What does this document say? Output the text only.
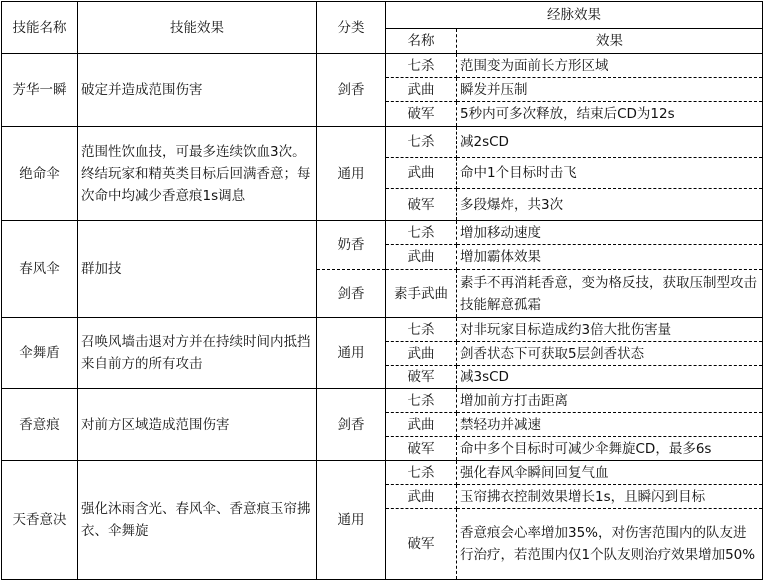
技能名称	技能效果	分类	经脉效果	
			名称	效果
芳华一瞬	破定并造成范围伤害	剑香	七杀	范围变为面前长方形区域
			武曲	瞬发并压制
			破军	5秒内可多次释放，结束后CD为12s
绝命伞	范围性饮血技，可最多连续饮血3次。终结玩家和精英类目标后回满香意；每次命中均减少香意痕1s调息	通用	七杀	减2sCD
			武曲	命中1个目标时击飞
			破军	多段爆炸，共3次
春风伞	群加技	奶香	七杀	增加移动速度
			武曲	增加霸体效果
		剑香	素手武曲	素手不再消耗香意，变为格反技，获取压制型攻击技能解意孤霜
伞舞盾	召唤风墙击退对方并在持续时间内抵挡来自前方的所有攻击	通用	七杀	对非玩家目标造成约3倍大批伤害量
			武曲	剑香状态下可获取5层剑香状态
			破军	减3sCD
香意痕	对前方区域造成范围伤害	剑香	七杀	增加前方打击距离
			武曲	禁轻功并减速
			破军	命中多个目标时可减少伞舞旋CD，最多6s
天香意决	强化沐雨含光、春风伞、香意痕玉帘拂衣、伞舞旋	通用	七杀	强化春风伞瞬间回复气血
			武曲	玉帘拂衣控制效果增长1s，且瞬闪到目标
			破军	香意痕会心率增加35%，对伤害范围内的队友进行治疗，若范围内仅1个队友则治疗效果增加50%
